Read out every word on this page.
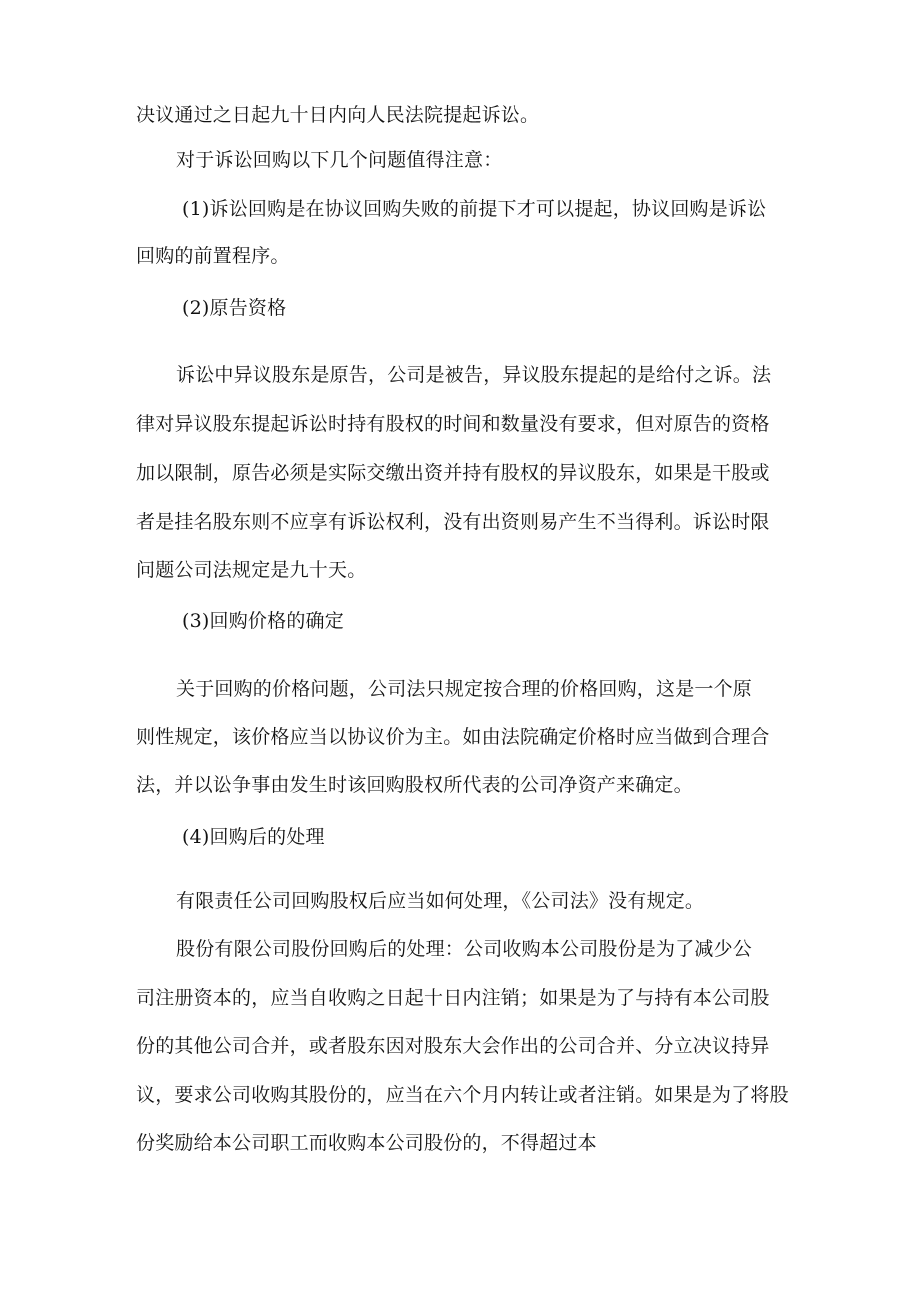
决议通过之日起九十日内向人民法院提起诉讼。
对于诉讼回购以下几个问题值得注意：
(1)诉讼回购是在协议回购失败的前提下才可以提起，协议回购是诉讼
回购的前置程序。
(2)原告资格
诉讼中异议股东是原告，公司是被告，异议股东提起的是给付之诉。法
律对异议股东提起诉讼时持有股权的时间和数量没有要求，但对原告的资格
加以限制，原告必须是实际交缴出资并持有股权的异议股东，如果是干股或
者是挂名股东则不应享有诉讼权利，没有出资则易产生不当得利。诉讼时限
问题公司法规定是九十天。
(3)回购价格的确定
关于回购的价格问题，公司法只规定按合理的价格回购，这是一个原
则性规定，该价格应当以协议价为主。如由法院确定价格时应当做到合理合
法，并以讼争事由发生时该回购股权所代表的公司净资产来确定。
(4)回购后的处理
有限责任公司回购股权后应当如何处理，《公司法》没有规定。
股份有限公司股份回购后的处理：公司收购本公司股份是为了减少公
司注册资本的，应当自收购之日起十日内注销；如果是为了与持有本公司股
份的其他公司合并，或者股东因对股东大会作出的公司合并、分立决议持异
议，要求公司收购其股份的，应当在六个月内转让或者注销。如果是为了将股
份奖励给本公司职工而收购本公司股份的，不得超过本
